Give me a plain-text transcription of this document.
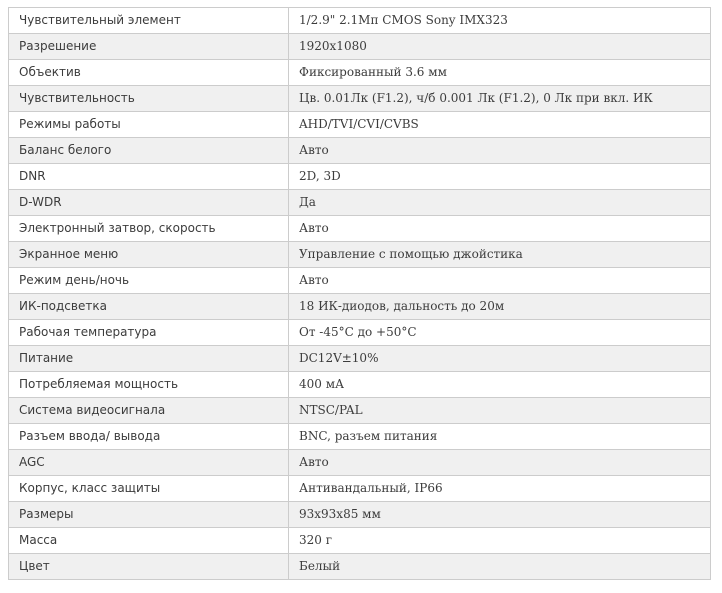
Чувствительный элемент	1/2.9" 2.1Мп CMOS Sony IMX323
Разрешение	1920x1080
Объектив	Фиксированный 3.6 мм
Чувствительность	Цв. 0.01Лк (F1.2), ч/б 0.001 Лк (F1.2), 0 Лк при вкл. ИК
Режимы работы	AHD/TVI/CVI/CVBS
Баланс белого	Авто
DNR	2D, 3D
D-WDR	Да
Электронный затвор, скорость	Авто
Экранное меню	Управление с помощью джойстика
Режим день/ночь	Авто
ИК-подсветка	18 ИК-диодов, дальность до 20м
Рабочая температура	От -45°C до +50°C
Питание	DC12V±10%
Потребляемая мощность	400 мА
Система видеосигнала	NTSC/PAL
Разъем ввода/ вывода	BNC, разъем питания
AGC	Авто
Корпус, класс защиты	Антивандальный, IP66
Размеры	93x93x85 мм
Масса	320 г
Цвет	Белый
